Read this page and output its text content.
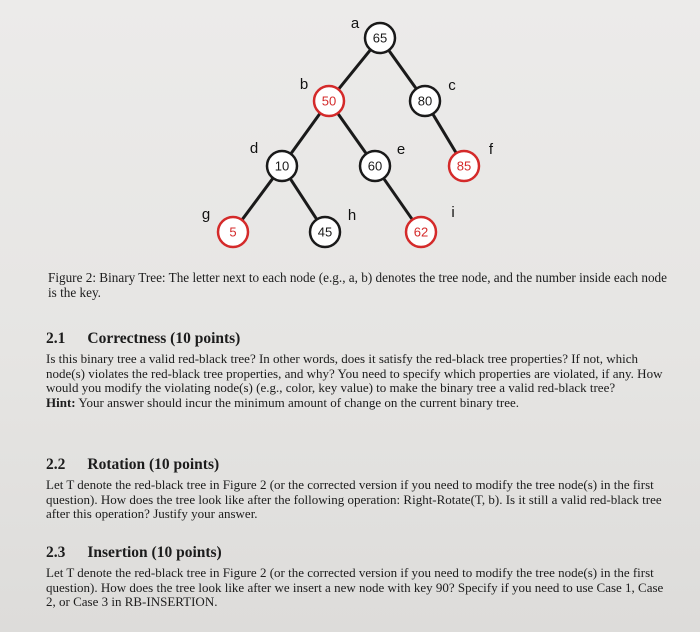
65
a
50
b
80
c
10
d
60
e
85
f
5
g
45
h
62
i
Figure 2: Binary Tree: The letter next to each node (e.g., a, b) denotes the tree node, and the number inside each node is the key.
2.1 Correctness (10 points)
Is this binary tree a valid red-black tree? In other words, does it satisfy the red-black tree properties? If not, which node(s) violates the red-black tree properties, and why? You need to specify which properties are violated, if any. How would you modify the violating node(s) (e.g., color, key value) to make the binary tree a valid red-black tree?
Hint: Your answer should incur the minimum amount of change on the current binary tree.
2.2 Rotation (10 points)
Let T denote the red-black tree in Figure 2 (or the corrected version if you need to modify the tree node(s) in the first question). How does the tree look like after the following operation: Right-Rotate(T, b). Is it still a valid red-black tree after this operation? Justify your answer.
2.3 Insertion (10 points)
Let T denote the red-black tree in Figure 2 (or the corrected version if you need to modify the tree node(s) in the first question). How does the tree look like after we insert a new node with key 90? Specify if you need to use Case 1, Case 2, or Case 3 in RB-INSERTION.
